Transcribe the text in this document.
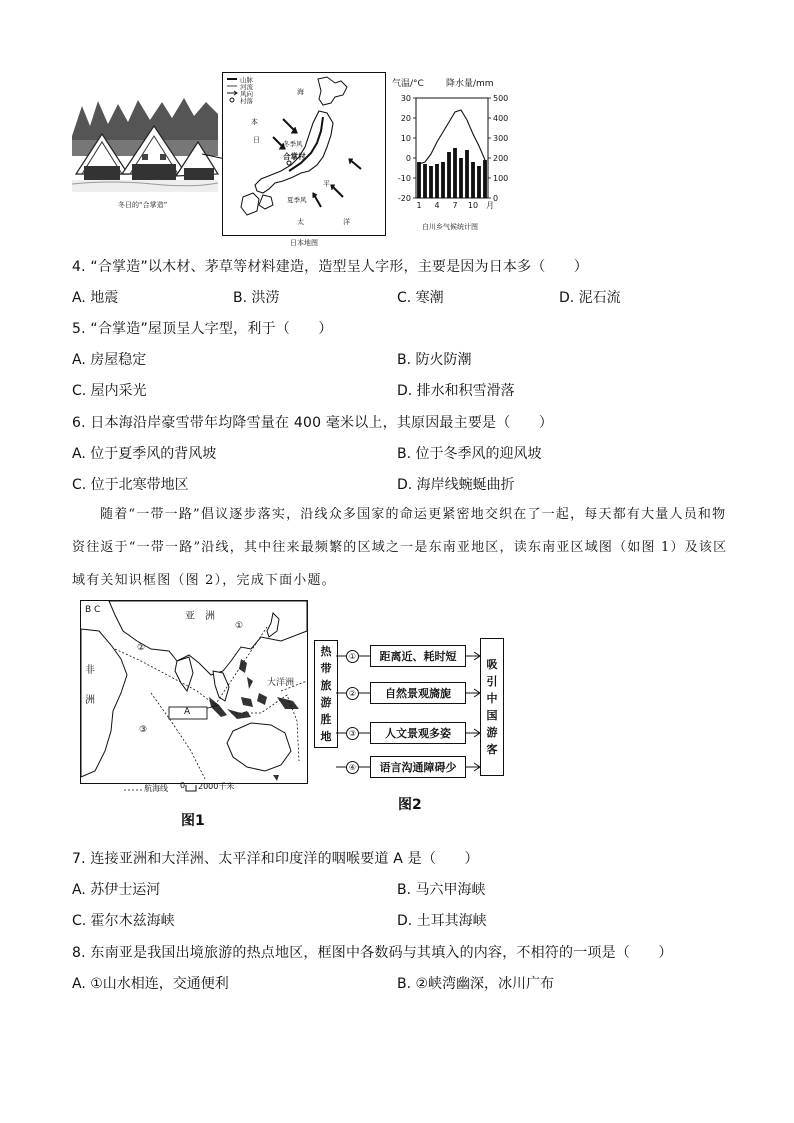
冬日的“合掌造”
山脉
河流
风向
村落
海
本
日	冬季风
合掌村
夏季风
平
太	洋
日本地图
气温/°C 降水量/mm
30
20
10
0
-10
-20
500
400
300
200
100
0
1 4 7 10 月
白川乡气候统计图
4. “合掌造”以木材、茅草等材料建造，造型呈人字形，主要是因为日本多（　　）
A. 地震	B. 洪涝	C. 寒潮	D. 泥石流
5. “合掌造”屋顶呈人字型，利于（　　）
A. 房屋稳定	B. 防火防潮
C. 屋内采光	D. 排水和积雪滑落
6. 日本海沿岸豪雪带年均降雪量在 400 毫米以上，其原因最主要是（　　）
A. 位于夏季风的背风坡	B. 位于冬季风的迎风坡
C. 位于北寒带地区	D. 海岸线蜿蜒曲折
随着“一带一路”倡议逐步落实，沿线众多国家的命运更紧密地交织在了一起，每天都有大量人员和物资往返于“一带一路”沿线，其中往来最频繁的区域之一是东南亚地区，读东南亚区域图（如图 1）及该区域有关知识框图（图 2），完成下面小题。
B C
亚　洲
非
洲
大洋洲
A
①
②
③
航海线 0 2000千米
图1
热
带
旅
游
胜
地
①
②
③
④
距离近、耗时短
自然景观旖旎
人文景观多姿
语言沟通障碍少
吸
引
中
国
游
客
图2
7. 连接亚洲和大洋洲、太平洋和印度洋的咽喉要道 A 是（　　）
A. 苏伊士运河	B. 马六甲海峡
C. 霍尔木兹海峡	D. 土耳其海峡
8. 东南亚是我国出境旅游的热点地区，框图中各数码与其填入的内容，不相符的一项是（　　）
A. ①山水相连，交通便利	B. ②峡湾幽深，冰川广布
